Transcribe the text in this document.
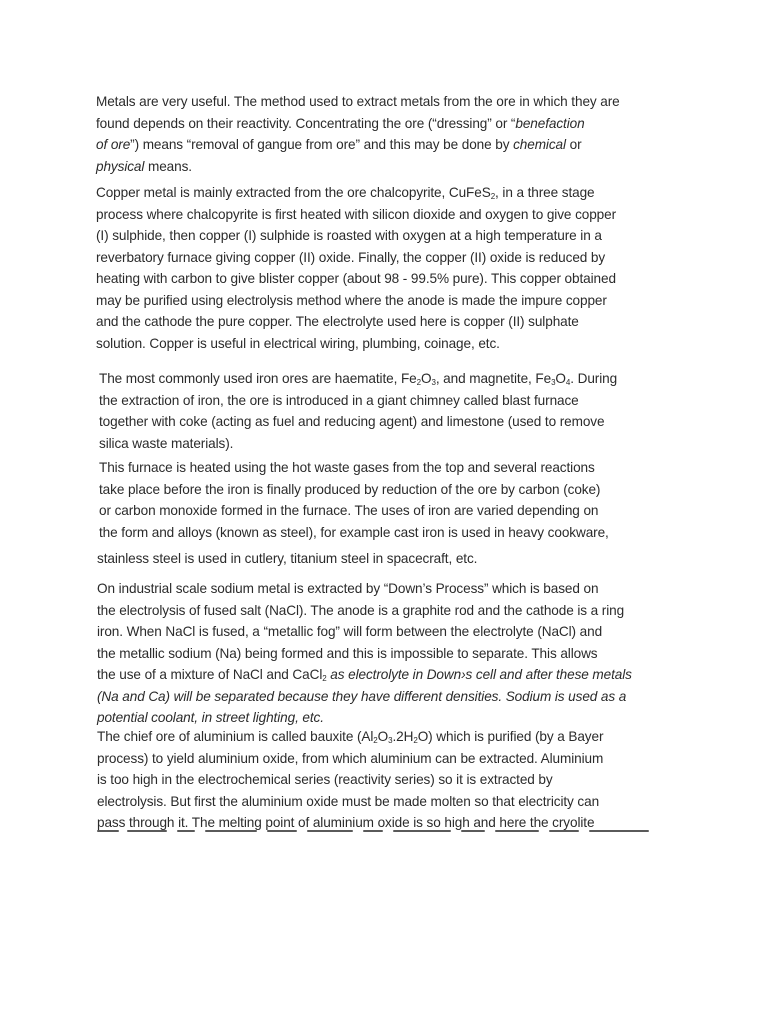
Metals are very useful. The method used to extract metals from the ore in which they are
found depends on their reactivity. Concentrating the ore (“dressing” or “benefaction
of ore”) means “removal of gangue from ore” and this may be done by chemical or
physical means.

Copper metal is mainly extracted from the ore chalcopyrite, CuFeS$_2$, in a three stage
process where chalcopyrite is first heated with silicon dioxide and oxygen to give copper
(I) sulphide, then copper (I) sulphide is roasted with oxygen at a high temperature in a
reverbatory furnace giving copper (II) oxide. Finally, the copper (II) oxide is reduced by
heating with carbon to give blister copper (about 98 - 99.5% pure). This copper obtained
may be purified using electrolysis method where the anode is made the impure copper
and the cathode the pure copper. The electrolyte used here is copper (II) sulphate
solution. Copper is useful in electrical wiring, plumbing, coinage, etc.

The most commonly used iron ores are haematite, $Fe_2O_3$, and magnetite, $Fe_3O_4$. During
the extraction of iron, the ore is introduced in a giant chimney called blast furnace
together with coke (acting as fuel and reducing agent) and limestone (used to remove
silica waste materials).

This furnace is heated using the hot waste gases from the top and several reactions
take place before the iron is finally produced by reduction of the ore by carbon (coke)
or carbon monoxide formed in the furnace. The uses of iron are varied depending on
the form and alloys (known as steel), for example cast iron is used in heavy cookware,

stainless steel is used in cutlery, titanium steel in spacecraft, etc.

On industrial scale sodium metal is extracted by “Down’s Process” which is based on
the electrolysis of fused salt (NaCl). The anode is a graphite rod and the cathode is a ring
iron. When NaCl is fused, a “metallic fog” will form between the electrolyte (NaCl) and
the metallic sodium (Na) being formed and this is impossible to separate. This allows
the use of a mixture of NaCl and CaCl$_2$ as electrolyte in Down›s cell and after these metals
(Na and Ca) will be separated because they have different densities. Sodium is used as a
potential coolant, in street lighting, etc.

The chief ore of aluminium is called bauxite $(Al_2O_3.2H_2O)$ which is purified (by a Bayer
process) to yield aluminium oxide, from which aluminium can be extracted. Aluminium
is too high in the electrochemical series (reactivity series) so it is extracted by
electrolysis. But first the aluminium oxide must be made molten so that electricity can
pass through it. The melting point of aluminium oxide is so high and here the cryolite
